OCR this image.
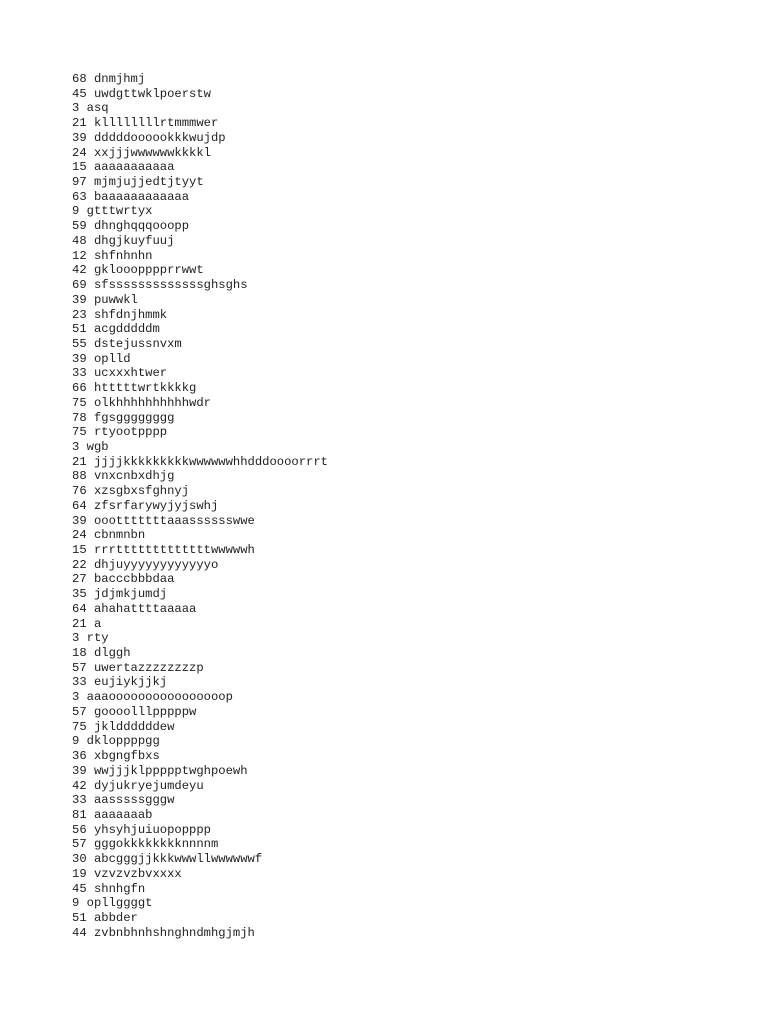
68 dnmjhmj
45 uwdgttwklpoerstw
3 asq
21 kllllllllrtmmmwer
39 dddddoooookkkwujdp
24 xxjjjwwwwwwkkkkl
15 aaaaaaaaaaa
97 mjmjujjedtjtyyt
63 baaaaaaaaaaaa
9 gtttwrtyx
59 dhnghqqqooopp
48 dhgjkuyfuuj
12 shfnhnhn
42 gklooopppprrwwt
69 sfsssssssssssssghsghs
39 puwwkl
23 shfdnjhmmk
51 acgdddddm
55 dstejussnvxm
39 oplld
33 ucxxxhtwer
66 htttttwrtkkkkg
75 olkhhhhhhhhhhwdr
78 fgsgggggggg
75 rtyootpppp
3 wgb
21 jjjjkkkkkkkkkwwwwwwhhdddoooorrrt
88 vnxcnbxdhjg
76 xzsgbxsfghnyj
64 zfsrfarywyjyjswhj
39 oootttttttaaasssssswwe
24 cbnmnbn
15 rrrtttttttttttttwwwwwh
22 dhjuyyyyyyyyyyyyo
27 bacccbbbdaa
35 jdjmkjumdj
64 ahahattttaaaaa
21 a
3 rty
18 dlggh
57 uwertazzzzzzzzp
33 eujiykjjkj
3 aaaoooooooooooooooop
57 goooolllpppppw
75 jklddddddew
9 dkloppppgg
36 xbgngfbxs
39 wwjjjklppppptwghpoewh
42 dyjukryejumdeyu
33 aasssssgggw
81 aaaaaaab
56 yhsyhjuiuopopppp
57 gggokkkkkkkknnnnm
30 abcgggjjkkkwwwllwwwwwwf
19 vzvzvzbvxxxx
45 shnhgfn
9 opllggggt
51 abbder
44 zvbnbhnhshnghndmhgjmjh
